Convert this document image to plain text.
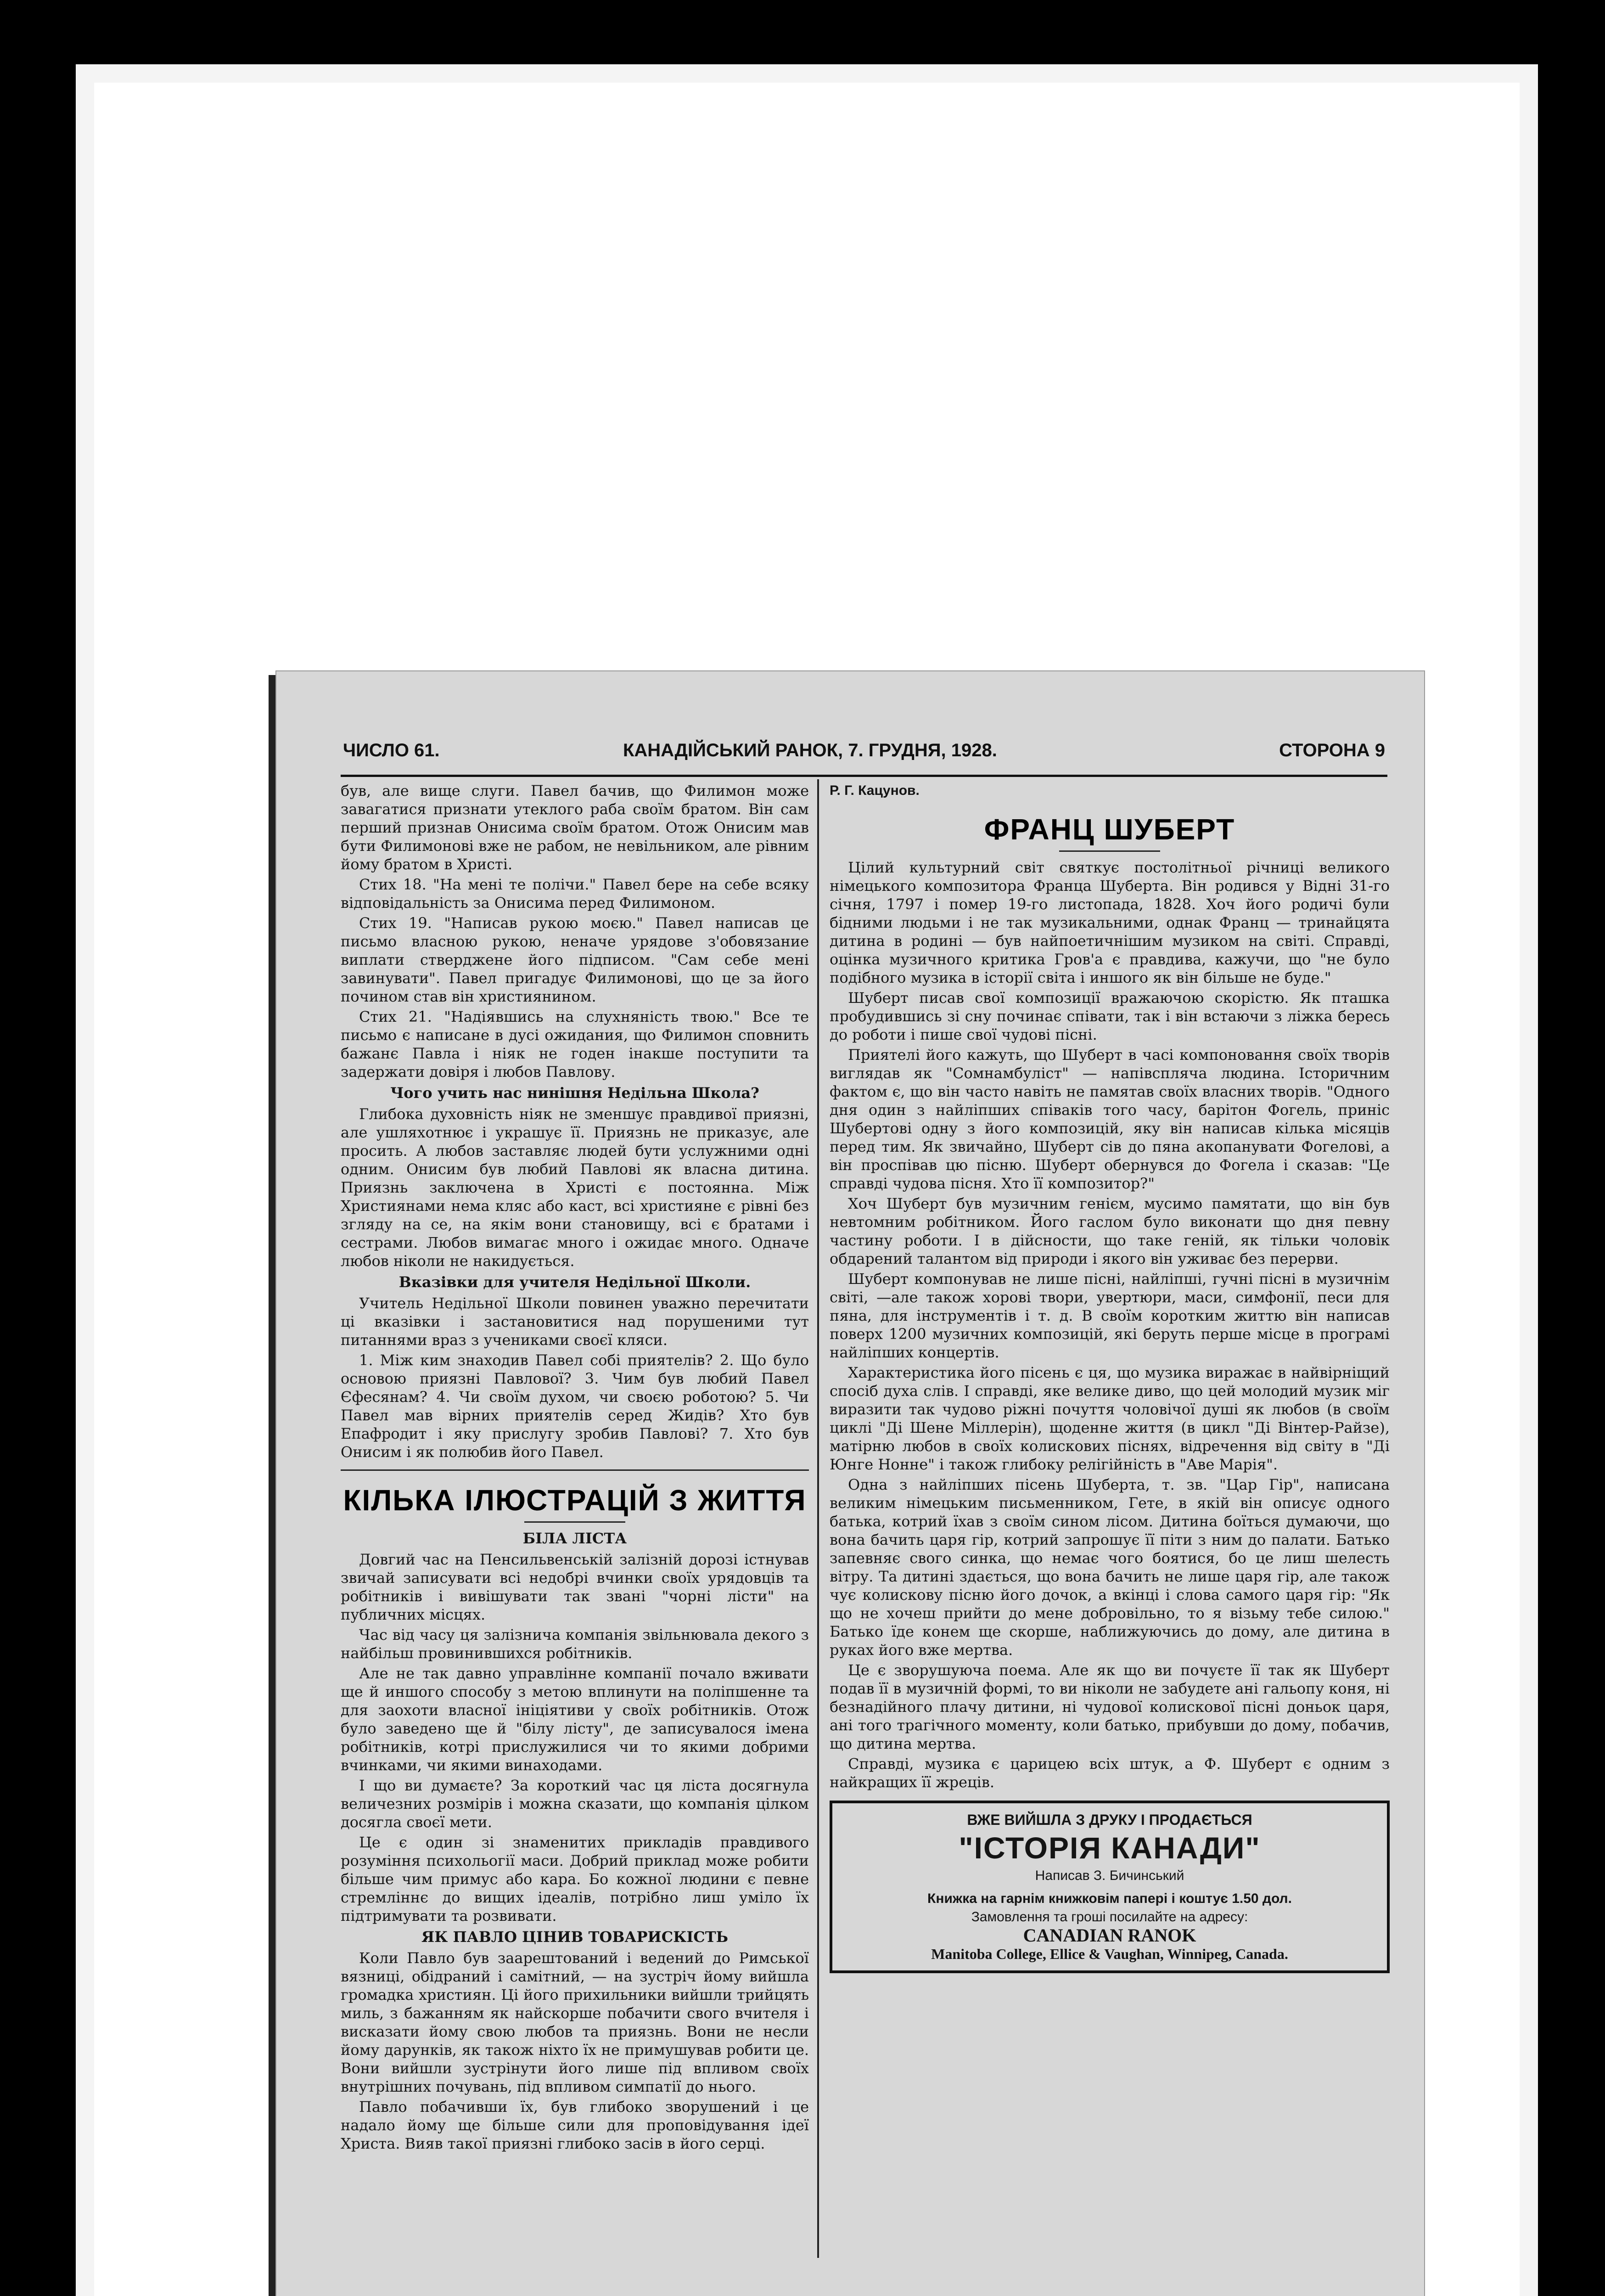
ЧИСЛО 61.	КАНАДІЙСЬКИЙ РАНОК, 7. ГРУДНЯ, 1928.	СТОРОНА 9

був, але вище слуги. Павел бачив, що Филимон може завагатися признати утеклого раба своїм братом. Він сам перший признав Онисима своїм братом. Отож Онисим мав бути Филимонові вже не рабом, не невільником, але рівним йому братом в Христі.

Стих 18. "На мені те полічи." Павел бере на себе всяку відповідальність за Онисима перед Филимоном.

Стих 19. "Написав рукою моєю." Павел написав це письмо власною рукою, неначе урядове з'обовязание виплати стверджене його підписом. "Сам себе мені завинувати". Павел пригадує Филимонові, що це за його почином став він християнином.

Стих 21. "Надіявшись на слухняність твою." Все те письмо є написане в дусі ожидания, що Филимон сповнить бажанє Павла і ніяк не годен інакше поступити та задержати довіря і любов Павлову.

Чого учить нас нинішня Недільна Школа?

Глибока духовність ніяк не зменшує правдивої приязні, але ушляхотнює і украшує її. Приязнь не приказує, але просить. А любов заставляє людей бути услужними одні одним. Онисим був любий Павлові як власна дитина. Приязнь заключена в Христі є постоянна. Між Християнами нема кляс або каст, всі християне є рівні без згляду на се, на якім вони становищу, всі є братами і сестрами. Любов вимагає много і ожидає много. Одначе любов ніколи не накидується.

Вказівки для учителя Недільної Школи.

Учитель Недільної Школи повинен уважно перечитати ці вказівки і застановитися над порушеними тут питаннями враз з учениками своєї кляси.

1. Між ким знаходив Павел собі приятелів? 2. Що було основою приязні Павлової? 3. Чим був любий Павел Єфесянам? 4. Чи своїм духом, чи своєю роботою? 5. Чи Павел мав вірних приятелів серед Жидів? Хто був Епафродит і яку прислугу зробив Павлові? 7. Хто був Онисим і як полюбив його Павел.

КІЛЬКА ІЛЮСТРАЦІЙ З ЖИТТЯ

БІЛА ЛІСТА

Довгий час на Пенсильвенській залізній дорозі істнував звичай записувати всі недобрі вчинки своїх урядовців та робітників і вивішувати так звані "чорні лісти" на публичних місцях.

Час від часу ця залізнича компанія звільнювала декого з найбільш провинившихся робітників.

Але не так давно управлінне компанії почало вживати ще й иншого способу з метою вплинути на поліпшенне та для заохоти власної ініціятиви у своїх робітників. Отож було заведено ще й "білу лісту", де записувалося імена робітників, котрі прислужилися чи то якими добрими вчинками, чи якими винаходами.

І що ви думаєте? За короткий час ця ліста досягнула величезних розмірів і можна сказати, що компанія цілком досягла своєї мети.

Це є один зі знаменитих прикладів правдивого розуміння психольогії маси. Добрий приклад може робити більше чим примус або кара. Бо кожної людини є певне стремліннє до вищих ідеалів, потрібно лиш уміло їх підтримувати та розвивати.

ЯК ПАВЛО ЦІНИВ ТОВАРИСКІСТЬ

Коли Павло був заарештований і ведений до Римської вязниці, обідраний і самітний, — на зустріч йому вийшла громадка християн. Ці його прихильники вийшли трийцять миль, з бажанням як найскорше побачити свого вчителя і висказати йому свою любов та приязнь. Вони не несли йому дарунків, як також ніхто їх не примушував робити це. Вони вийшли зустрінути його лише під впливом своїх внутрішних почувань, під впливом симпатії до нього.

Павло побачивши їх, був глибоко зворушений і це надало йому ще більше сили для проповідування ідеї Христа. Вияв такої приязні глибоко засів в його серці.

Р. Г. Кацунов.

ФРАНЦ ШУБЕРТ

Цілий культурний світ святкує постолітньої річниці великого німецького композитора Франца Шуберта. Він родився у Відні 31-го січня, 1797 і помер 19-го листопада, 1828. Хоч його родичі були бідними людьми і не так музикальними, однак Франц — тринайцята дитина в родині — був найпоетичнішим музиком на світі. Справді, оцінка музичного критика Гров'а є правдива, кажучи, що "не було подібного музика в історії світа і иншого як він більше не буде."

Шуберт писав свої композиції вражаючою скорістю. Як пташка пробудившись зі сну починає співати, так і він встаючи з ліжка бересь до роботи і пише свої чудові пісні.

Приятелі його кажуть, що Шуберт в часі компоновання своїх творів виглядав як "Сомнамбуліст" — напівсплячa людина. Історичним фактом є, що він часто навіть не памятав своїх власних творів. "Одного дня один з найліпших співаків того часу, барітон Фогель, приніс Шубертові одну з його композицій, яку він написав кілька місяців перед тим. Як звичайно, Шуберт сів до пяна акопанувати Фогелові, а він проспівав цю пісню. Шуберт обернувся до Фогела і сказав: "Це справді чудова пісня. Хто її композитор?"

Хоч Шуберт був музичним генієм, мусимо памятати, що він був невтомним робітником. Його гаслом було виконати що дня певну частину роботи. І в дійсности, що таке геній, як тільки чоловік обдарений талантом від природи і якого він уживає без перерви.

Шуберт компонував не лише пісні, найліпші, гучні пісні в музичнім світі, —але також хорові твори, увертюри, маси, симфонії, песи для пяна, для інструментів і т. д. В своїм коротким життю він написав поверх 1200 музичних композицій, які беруть перше місце в програмі найліпших концертів.

Характеристика його пісень є ця, що музика виражає в найвірніщий спосіб духа слів. І справді, яке велике диво, що цей молодий музик міг виразити так чудово ріжні почуття чоловічої душі як любов (в своїм циклі "Ді Шене Міллерін), щоденне життя (в цикл "Ді Вінтер-Райзе), матірню любов в своїх колискових піснях, відречення від світу в "Ді Юнге Нонне" і також глибоку релігійність в "Аве Марія".

Одна з найліпших пісень Шуберта, т. зв. "Цар Гір", написана великим німецьким письменником, Гете, в якій він описує одного батька, котрий їхав з своїм сином лісом. Дитина боїться думаючи, що вона бачить царя гір, котрий запрошує її піти з ним до палати. Батько запевняє свого синка, що немає чого боятися, бо це лиш шелесть вітру. Та дитині здається, що вона бачить не лише царя гір, але також чує колискову пісню його дочок, а вкінці і слова самого царя гір: "Як що не хочеш прийти до мене добровільно, то я візьму тебе силою." Батько їде конем ще скорше, наближуючись до дому, але дитина в руках його вже мертва.

Це є зворушуюча поема. Але як що ви почуєте її так як Шуберт подав її в музичній формі, то ви ніколи не забудете ані гальопу коня, ні безнадійного плачу дитини, ні чудової колискової пісні доньок царя, ані того трагічного моменту, коли батько, прибувши до дому, побачив, що дитина мертва.

Справді, музика є царицею всіх штук, а Ф. Шуберт є одним з найкращих її жреців.

ВЖЕ ВИЙШЛА З ДРУКУ І ПРОДАЄТЬСЯ
"ІСТОРІЯ КАНАДИ"
Написав З. Бичинський
Книжка на гарнім книжковім папері і коштує 1.50 дол.
Замовлення та гроші посилайте на адресу:
CANADIAN RANOK
Manitoba College, Ellice & Vaughan, Winnipeg, Canada.
